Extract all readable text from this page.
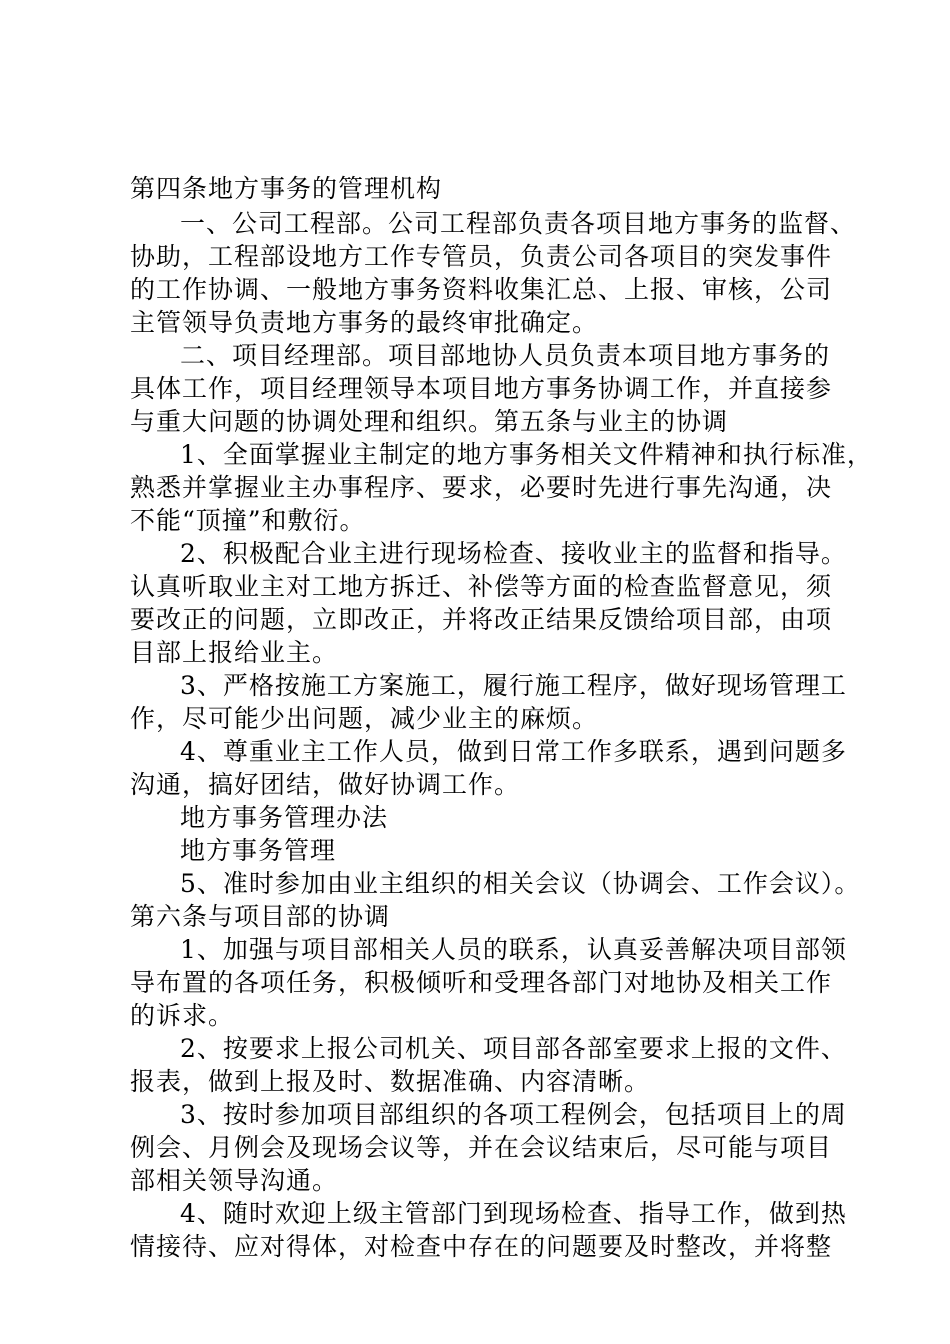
第四条地方事务的管理机构
一、公司工程部。公司工程部负责各项目地方事务的监督、
协助，工程部设地方工作专管员，负责公司各项目的突发事件
的工作协调、一般地方事务资料收集汇总、上报、审核，公司
主管领导负责地方事务的最终审批确定。
二、项目经理部。项目部地协人员负责本项目地方事务的
具体工作，项目经理领导本项目地方事务协调工作，并直接参
与重大问题的协调处理和组织。第五条与业主的协调
1、全面掌握业主制定的地方事务相关文件精神和执行标准，
熟悉并掌握业主办事程序、要求，必要时先进行事先沟通，决
不能“顶撞”和敷衍。
2、积极配合业主进行现场检查、接收业主的监督和指导。
认真听取业主对工地方拆迁、补偿等方面的检查监督意见，须
要改正的问题，立即改正，并将改正结果反馈给项目部，由项
目部上报给业主。
3、严格按施工方案施工，履行施工程序，做好现场管理工
作，尽可能少出问题，减少业主的麻烦。
4、尊重业主工作人员，做到日常工作多联系，遇到问题多
沟通，搞好团结，做好协调工作。
地方事务管理办法
地方事务管理
5、准时参加由业主组织的相关会议（协调会、工作会议）。
第六条与项目部的协调
1、加强与项目部相关人员的联系，认真妥善解决项目部领
导布置的各项任务，积极倾听和受理各部门对地协及相关工作
的诉求。
2、按要求上报公司机关、项目部各部室要求上报的文件、
报表，做到上报及时、数据准确、内容清晰。
3、按时参加项目部组织的各项工程例会，包括项目上的周
例会、月例会及现场会议等，并在会议结束后，尽可能与项目
部相关领导沟通。
4、随时欢迎上级主管部门到现场检查、指导工作，做到热
情接待、应对得体，对检查中存在的问题要及时整改，并将整
